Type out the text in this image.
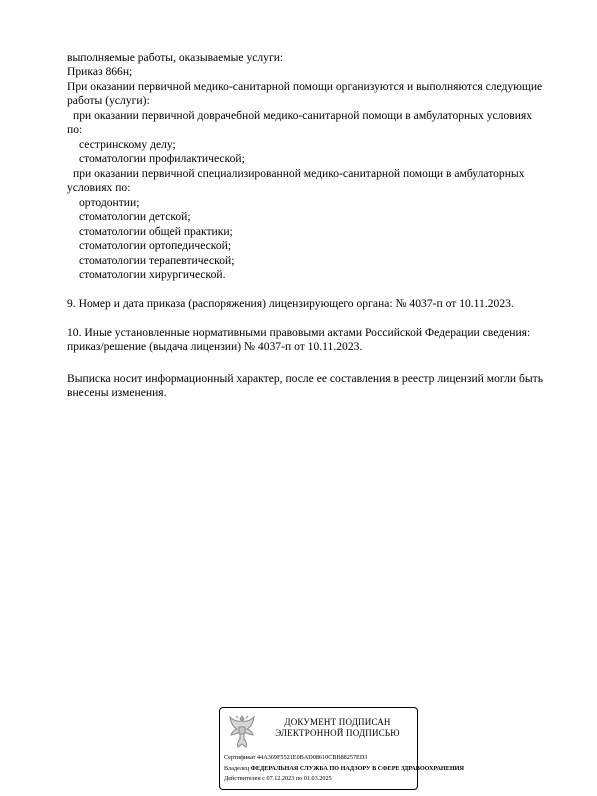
выполняемые работы, оказываемые услуги:
Приказ 866н;
При оказании первичной медико-санитарной помощи организуются и выполняются следующие
работы (услуги):
при оказании первичной доврачебной медико-санитарной помощи в амбулаторных условиях
по:
сестринскому делу;
стоматологии профилактической;
при оказании первичной специализированной медико-санитарной помощи в амбулаторных
условиях по:
ортодонтии;
стоматологии детской;
стоматологии общей практики;
стоматологии ортопедической;
стоматологии терапевтической;
стоматологии хирургической.
9. Номер и дата приказа (распоряжения) лицензирующего органа: № 4037-п от 10.11.2023.
10. Иные установленные нормативными правовыми актами Российской Федерации сведения:
приказ/решение (выдача лицензии) № 4037-п от 10.11.2023.
Выписка носит информационный характер, после ее составления в реестр лицензий могли быть
внесены изменения.
ДОКУМЕНТ ПОДПИСАН
ЭЛЕКТРОННОЙ ПОДПИСЬЮ
Сертификат 44A369F5521E0BAD08610CBB88257ED3
Владелец ФЕДЕРАЛЬНАЯ СЛУЖБА ПО НАДЗОРУ В СФЕРЕ ЗДРАВООХРАНЕНИЯ
Действителен с 07.12.2023 по 01.03.2025
